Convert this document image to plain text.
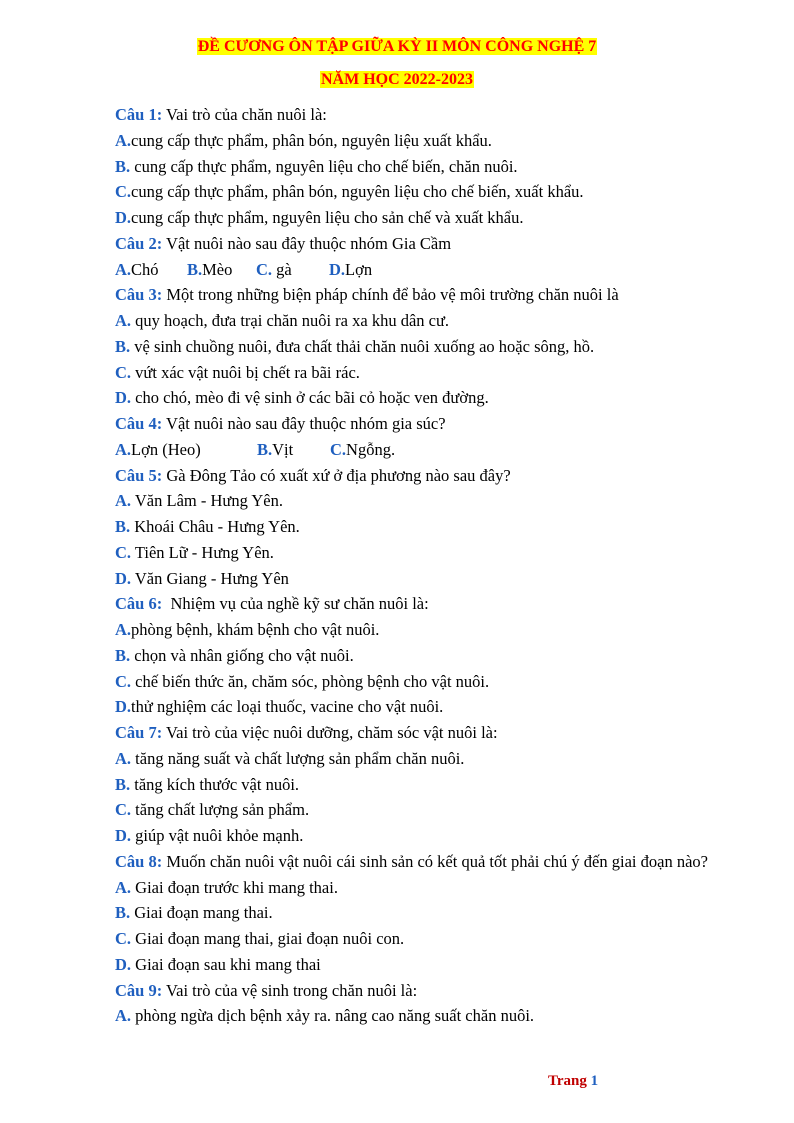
ĐỀ CƯƠNG ÔN TẬP GIỮA KỲ II MÔN CÔNG NGHỆ 7
NĂM HỌC 2022-2023
Câu 1: Vai trò của chăn nuôi là:
A.cung cấp thực phẩm, phân bón, nguyên liệu xuất khẩu.
B. cung cấp thực phẩm, nguyên liệu cho chế biến, chăn nuôi.
C.cung cấp thực phẩm, phân bón, nguyên liệu cho chế biến, xuất khẩu.
D.cung cấp thực phẩm, nguyên liệu cho sản chế và xuất khẩu.
Câu 2: Vật nuôi nào sau đây thuộc nhóm Gia Cầm
A.Chó B.Mèo C. gà D.Lợn
Câu 3: Một trong những biện pháp chính để bảo vệ môi trường chăn nuôi là
A. quy hoạch, đưa trại chăn nuôi ra xa khu dân cư.
B. vệ sinh chuồng nuôi, đưa chất thải chăn nuôi xuống ao hoặc sông, hồ.
C. vứt xác vật nuôi bị chết ra bãi rác.
D. cho chó, mèo đi vệ sinh ở các bãi cỏ hoặc ven đường.
Câu 4: Vật nuôi nào sau đây thuộc nhóm gia súc?
A.Lợn (Heo)	B.Vịt C.Ngỗng.
Câu 5: Gà Đông Tảo có xuất xứ ở địa phương nào sau đây?
A. Văn Lâm - Hưng Yên.
B. Khoái Châu - Hưng Yên.
C. Tiên Lữ - Hưng Yên.
D. Văn Giang - Hưng Yên
Câu 6:  Nhiệm vụ của nghề kỹ sư chăn nuôi là:
A.phòng bệnh, khám bệnh cho vật nuôi.
B. chọn và nhân giống cho vật nuôi.
C. chế biến thức ăn, chăm sóc, phòng bệnh cho vật nuôi.
D.thử nghiệm các loại thuốc, vacine cho vật nuôi.
Câu 7: Vai trò của việc nuôi dưỡng, chăm sóc vật nuôi là:
A. tăng năng suất và chất lượng sản phẩm chăn nuôi.
B. tăng kích thước vật nuôi.
C. tăng chất lượng sản phẩm.
D. giúp vật nuôi khỏe mạnh.
Câu 8: Muốn chăn nuôi vật nuôi cái sinh sản có kết quả tốt phải chú ý đến giai đoạn nào?
A. Giai đoạn trước khi mang thai.
B. Giai đoạn mang thai.
C. Giai đoạn mang thai, giai đoạn nuôi con.
D. Giai đoạn sau khi mang thai
Câu 9: Vai trò của vệ sinh trong chăn nuôi là:
A. phòng ngừa dịch bệnh xảy ra. nâng cao năng suất chăn nuôi.
Trang 1
